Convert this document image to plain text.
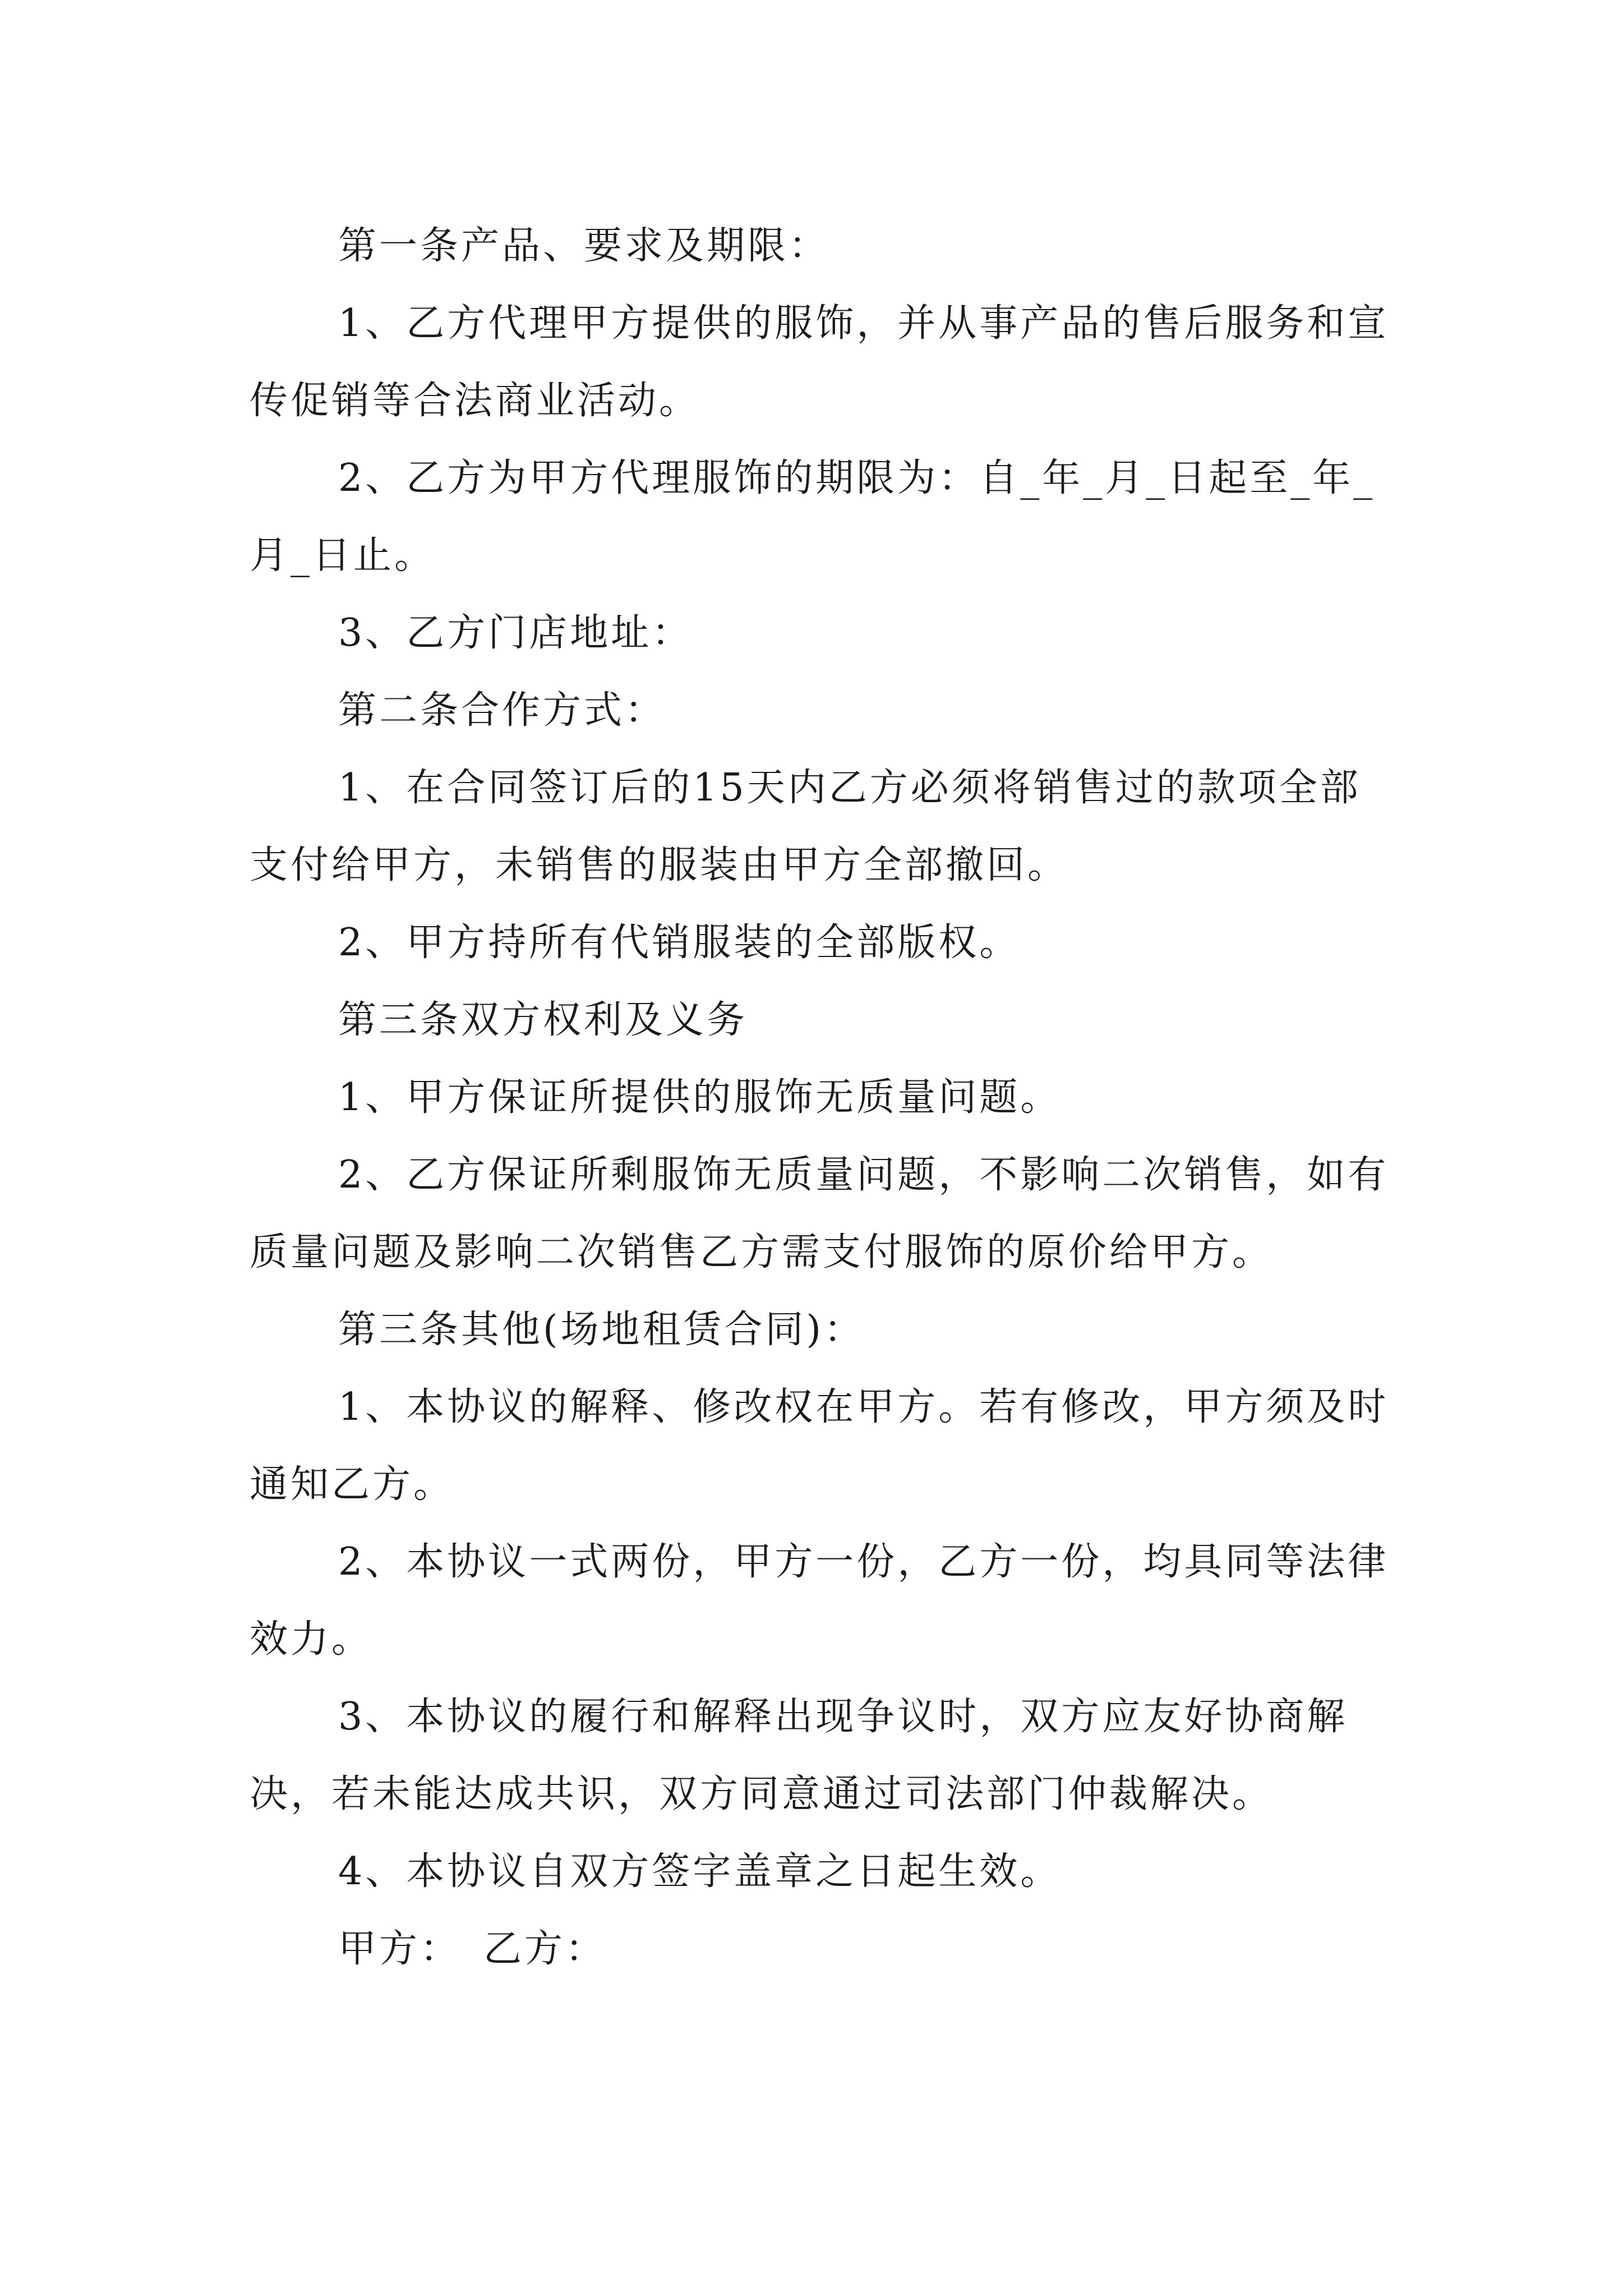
第一条产品、要求及期限：

1、乙方代理甲方提供的服饰，并从事产品的售后服务和宣传促销等合法商业活动。

2、乙方为甲方代理服饰的期限为：自_年_月_日起至_年_月_日止。

3、乙方门店地址：

第二条合作方式：

1、在合同签订后的15天内乙方必须将销售过的款项全部支付给甲方，未销售的服装由甲方全部撤回。

2、甲方持所有代销服装的全部版权。

第三条双方权利及义务

1、甲方保证所提供的服饰无质量问题。

2、乙方保证所剩服饰无质量问题，不影响二次销售，如有质量问题及影响二次销售乙方需支付服饰的原价给甲方。

第三条其他(场地租赁合同)：

1、本协议的解释、修改权在甲方。若有修改，甲方须及时通知乙方。

2、本协议一式两份，甲方一份，乙方一份，均具同等法律效力。

3、本协议的履行和解释出现争议时，双方应友好协商解决，若未能达成共识，双方同意通过司法部门仲裁解决。

4、本协议自双方签字盖章之日起生效。

甲方： 乙方：
